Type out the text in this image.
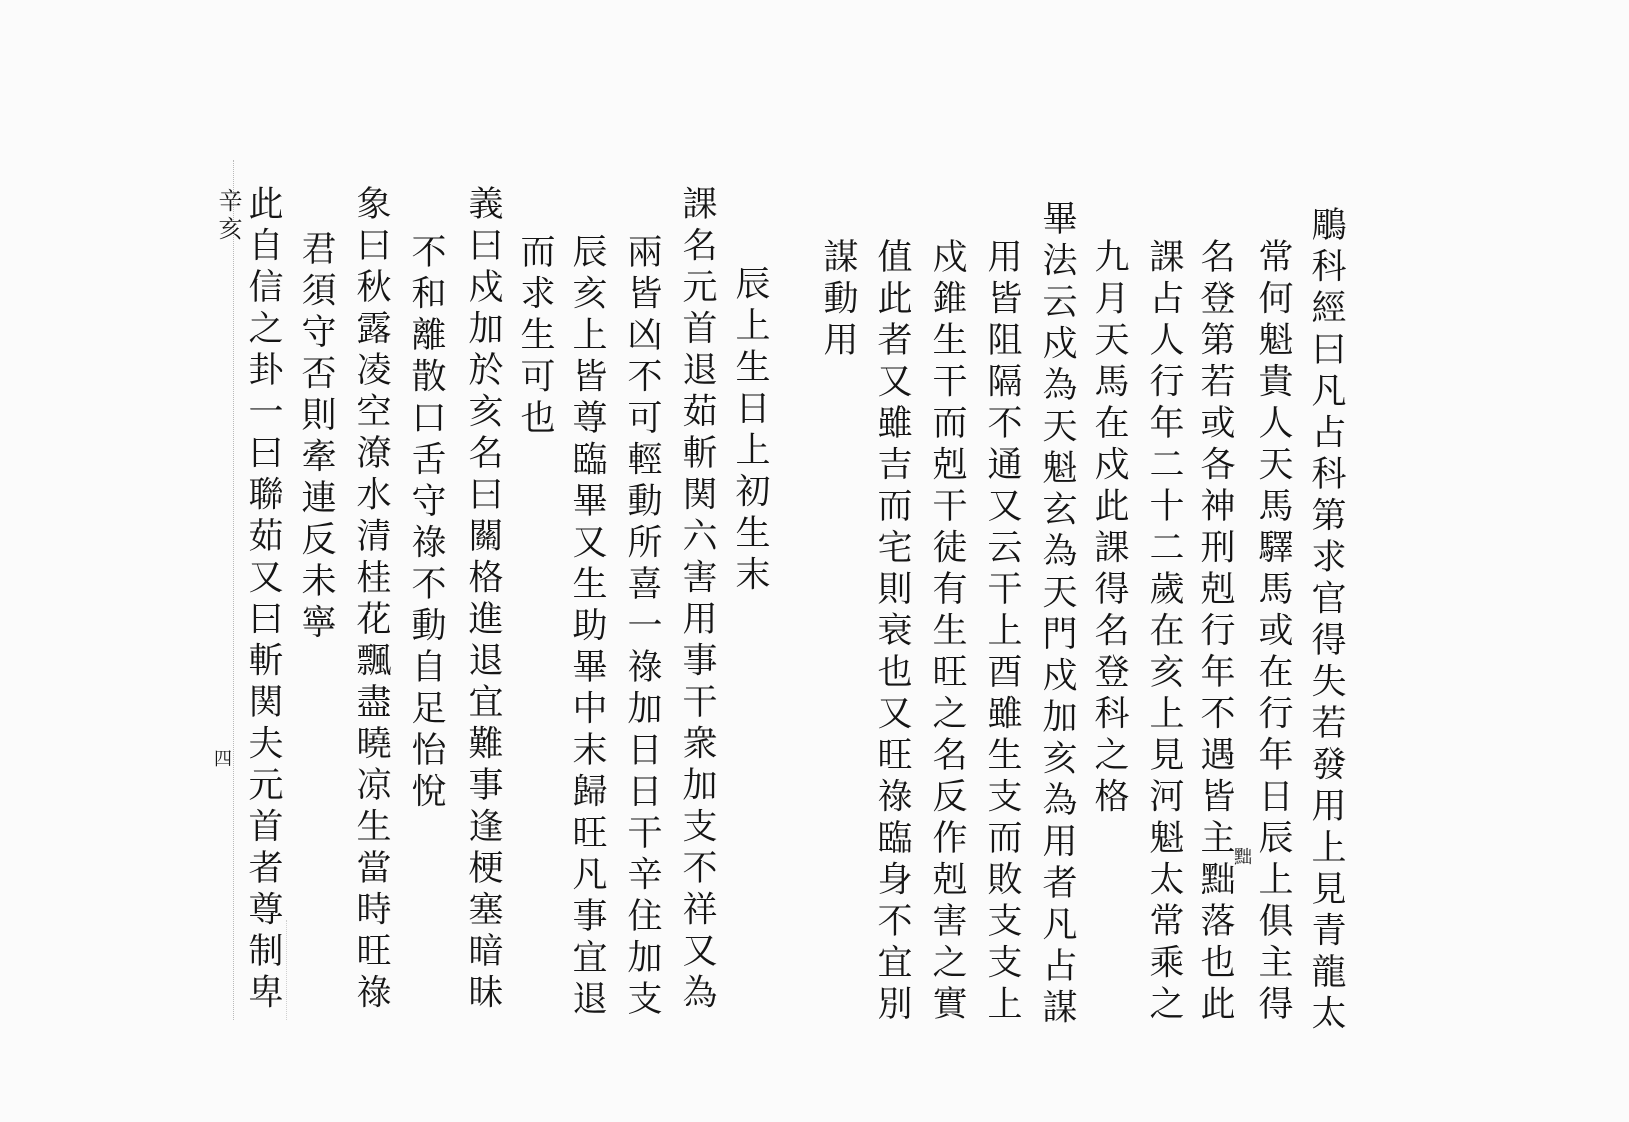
鵰科經曰凡占科第求官得失若發用上見青龍太
常何魁貴人天馬驛馬或在行年日辰上俱主得
名登第若或各神刑剋行年不遇皆主黜落也此
課占人行年二十二歲在亥上見河魁太常乘之
九月天馬在戍此課得名登科之格
畢法云戍為天魁玄為天門戍加亥為用者凡占謀
用皆阻隔不通又云干上酉雖生支而敗支支上
戍錐生干而剋干徒有生旺之名反作剋害之實
值此者又雖吉而宅則衰也又旺祿臨身不宜別
謀動用
黜
辰上生日上初生末
課名元首退茹斬関六害用事干衆加支不祥又為
兩皆凶不可輕動所喜一祿加日日干辛住加支
辰亥上皆尊臨畢又生助畢中末歸旺凡事宜退
而求生可也
義曰戍加於亥名曰關格進退宜難事逢梗塞暗昧
不和離散口舌守祿不動自足怡悅
象曰秋露凌空潦水清桂花飄盡曉凉生當時旺祿
君須守否則牽連反未寧
此自信之卦一曰聯茹又曰斬関夫元首者尊制卑
辛亥
四
